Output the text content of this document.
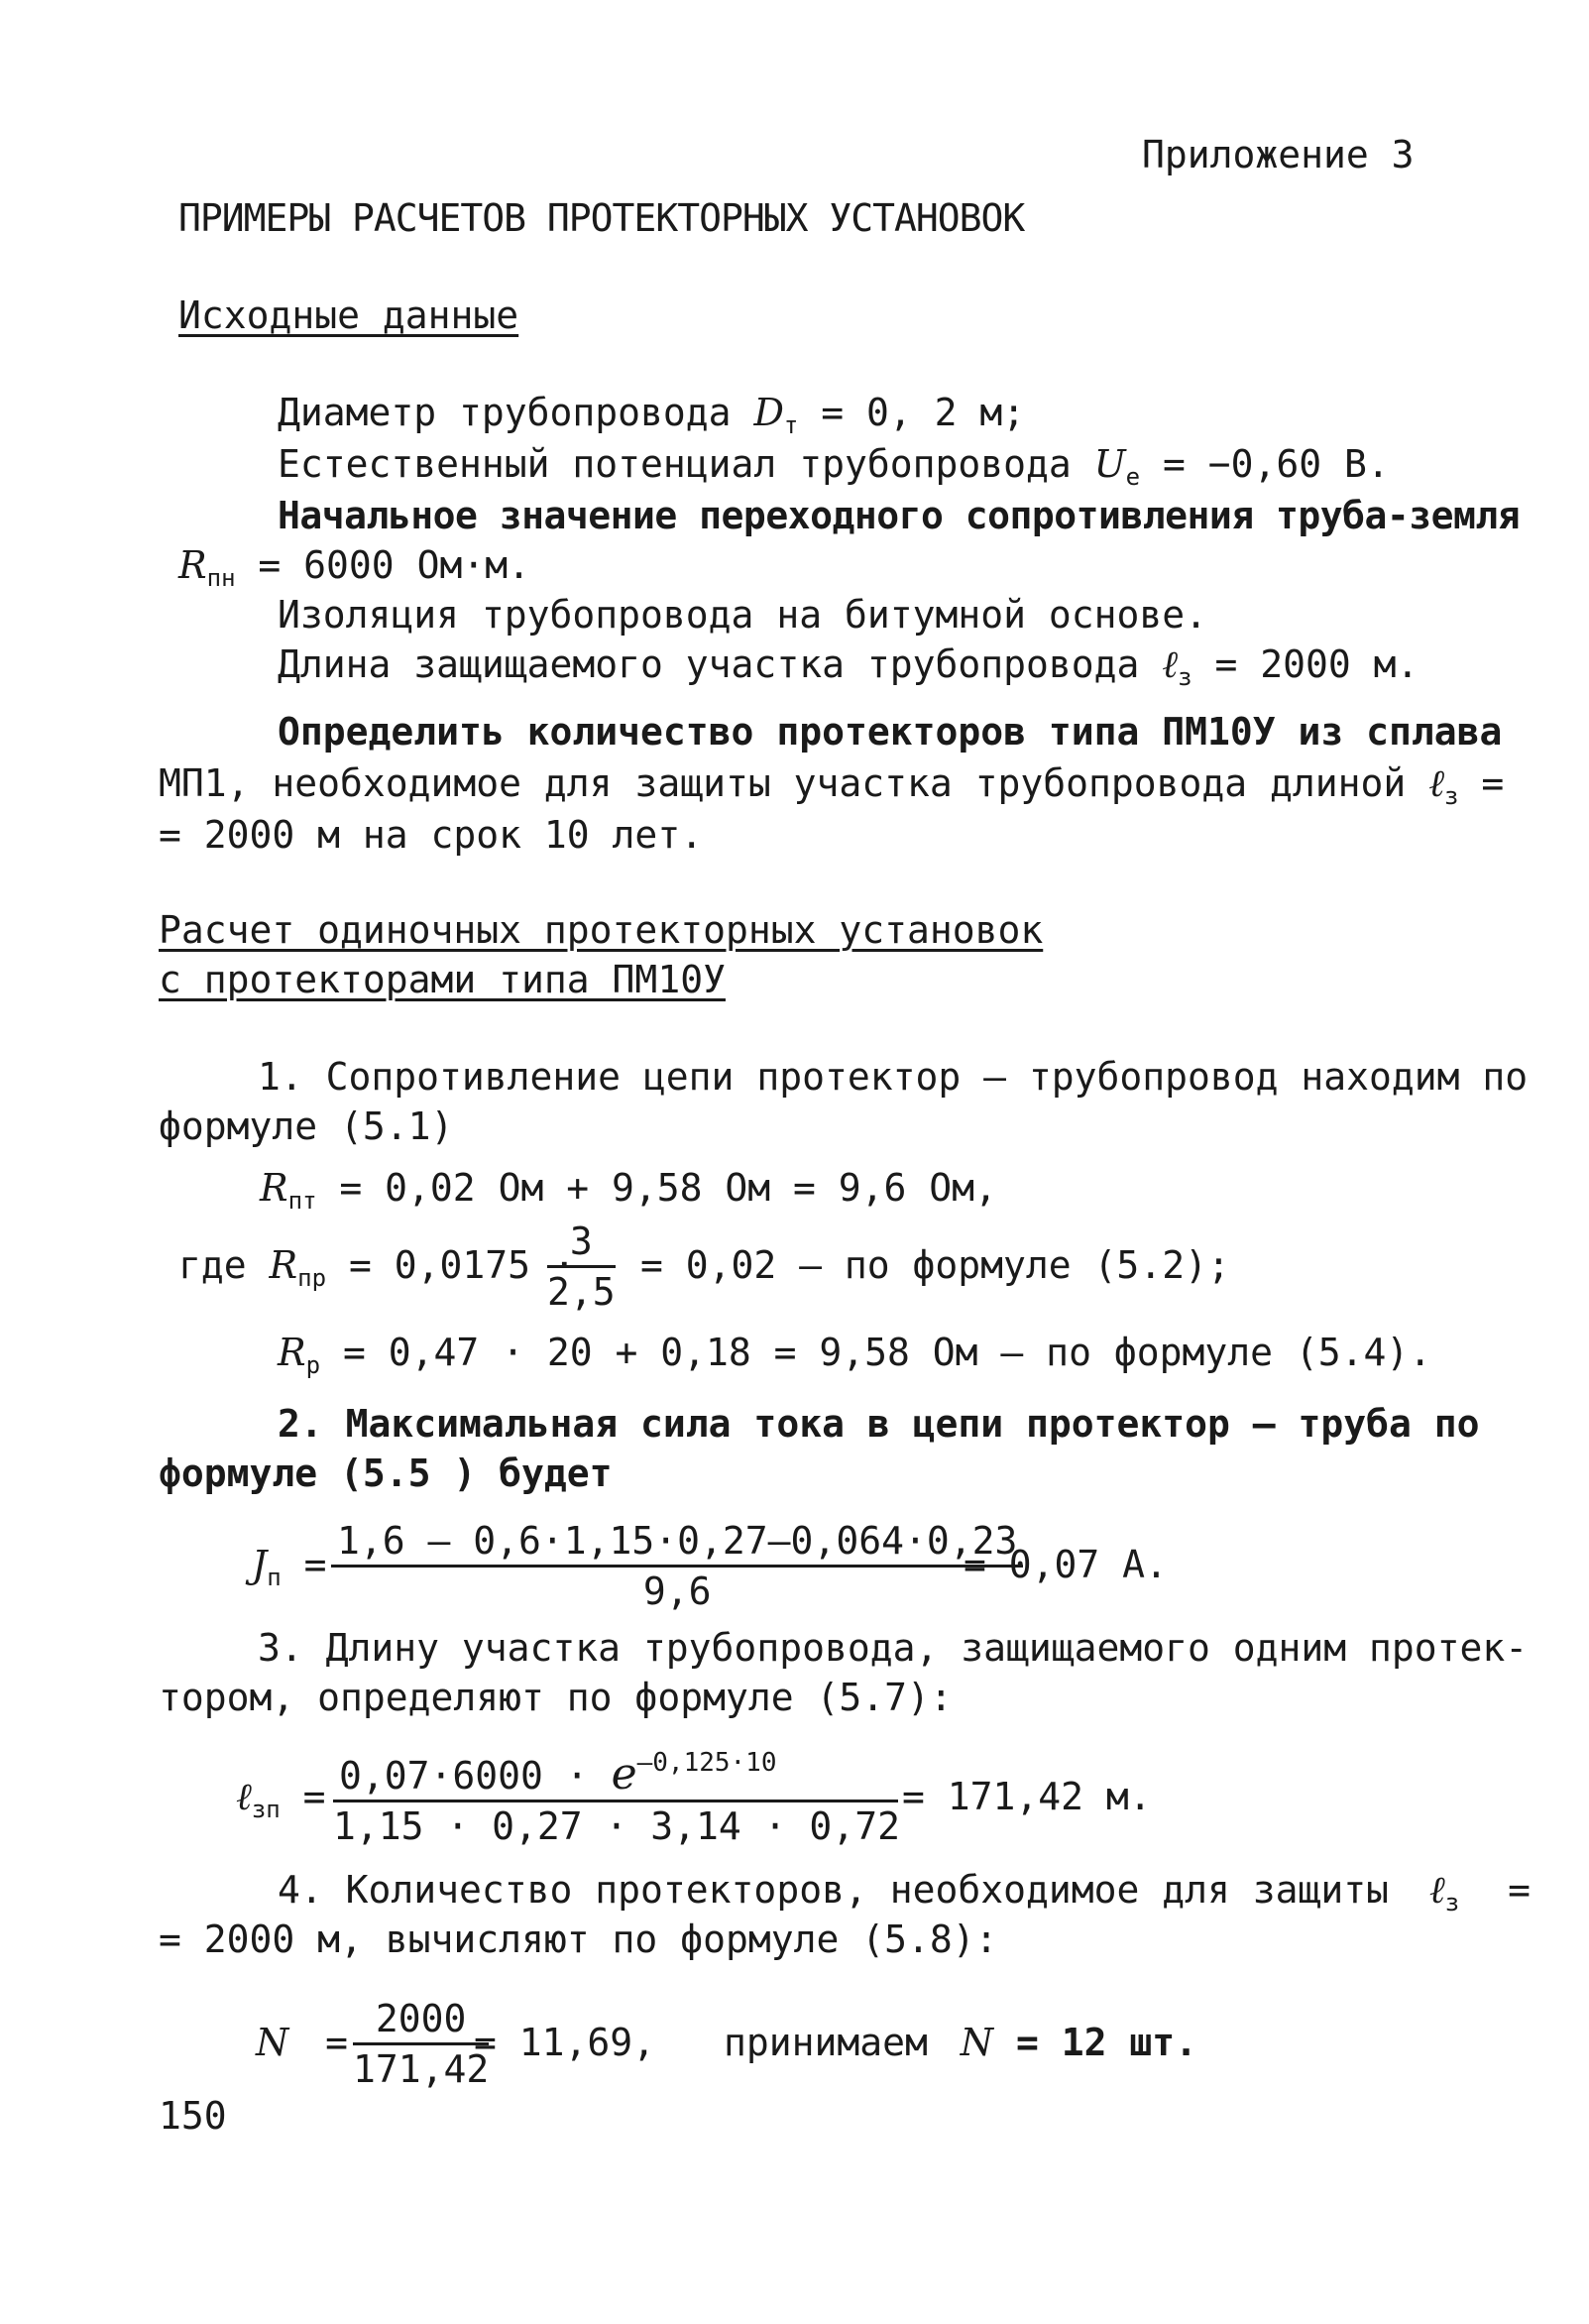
Приложение 3
ПРИМЕРЫ РАСЧЕТОВ ПРОТЕКТОРНЫХ УСТАНОВОК
Исходные данные
Диаметр трубопровода $D_т = 0$, 2 м;
Естественный потенциал трубопровода $U_e = -0,60$ В.
Начальное значение переходного сопротивления труба-земля
$R_{пн} = 6000$ Ом·м.
Изоляция трубопровода на битумной основе.
Длина защищаемого участка трубопровода ℓ$_з$ = 2000 м.
Определить количество протекторов типа ПМ10У из сплава
МП1, необходимое для защиты участка трубопровода длиной ℓ$_з$ =
= 2000 м на срок 10 лет.
Расчет одиночных протекторных установок
с протекторами типа ПМ10У
1. Сопротивление цепи протектор – трубопровод находим по
формуле (5.1)
$R_{пт} = 0,02$ Ом + 9,58 Ом = 9,6 Ом,
где $R_{пр} = 0,0175$ ·
$\frac{3}{2,5} = 0,02$ – по формуле (5.2);
$R_р = 0,47 \cdot 20 + 0,18 = 9,58$ Ом – по формуле (5.4).
2. Максимальная сила тока в цепи протектор – труба по
формуле (5.5 ) будет
$J_п = \frac{1,6 - 0,6\cdot 1,15\cdot 0,27-0,064\cdot 0,23}{9,6}$
= 0,07 А.
3. Длину участка трубопровода, защищаемого одним протек-
тором, определяют по формуле (5.7):
ℓ$_{зп}$ = $\frac{0,07\cdot 6000 \cdot e^{-0,125\cdot 10}}{1,15 \cdot 0,27 \cdot 3,14 \cdot 0,72} = 171,42$ м.
4. Количество протекторов, необходимое для защиты ℓ$_з$ =
= 2000 м, вычисляют по формуле (5.8):
$N = \frac{2000}{171,42}$
= 11,69, принимаем N = 12 шт.
150
